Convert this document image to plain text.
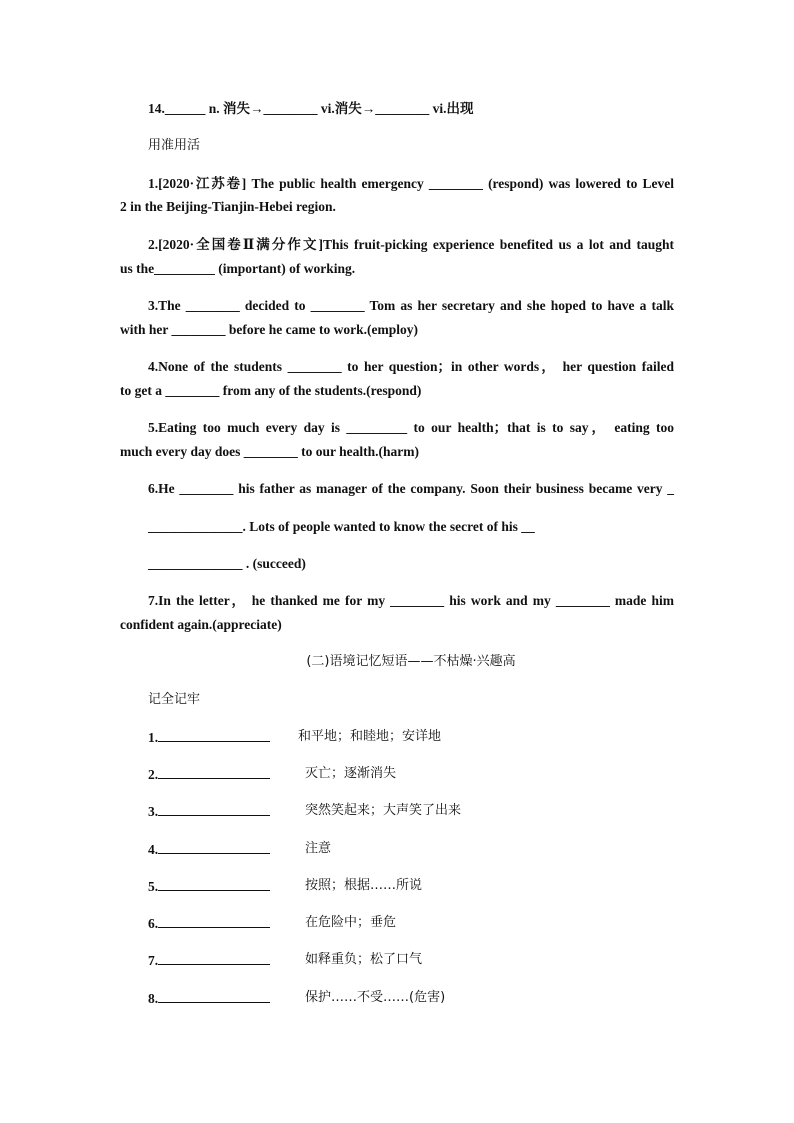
14.______ n. 消失→________ vi.消失→________ vi.出现
用准用活
1.[2020·江苏卷] The public health emergency ________ (respond) was lowered to Level
2 in the Beijing-Tianjin-Hebei region.
2.[2020·全国卷Ⅱ满分作文]This fruit-picking experience benefited us a lot and taught
us the_________ (important) of working.
3.The ________ decided to ________ Tom as her secretary and she hoped to have a talk
with her ________ before he came to work.(employ)
4.None of the students ________ to her question；in other words， her question failed
to get a ________ from any of the students.(respond)
5.Eating too much every day is _________ to our health；that is to say， eating too
much every day does ________ to our health.(harm)
6.He ________ his father as manager of the company. Soon their business became very _
______________. Lots of people wanted to know the secret of his __
______________ . (succeed)
7.In the letter， he thanked me for my ________ his work and my ________ made him
confident again.(appreciate)
(二)语境记忆短语——不枯燥·兴趣高
记全记牢
1.	和平地；和睦地；安详地
2.	灭亡；逐渐消失
3.	突然笑起来；大声笑了出来
4.	注意
5.	按照；根据……所说
6.	在危险中；垂危
7.	如释重负；松了口气
8.	保护……不受……(危害)
